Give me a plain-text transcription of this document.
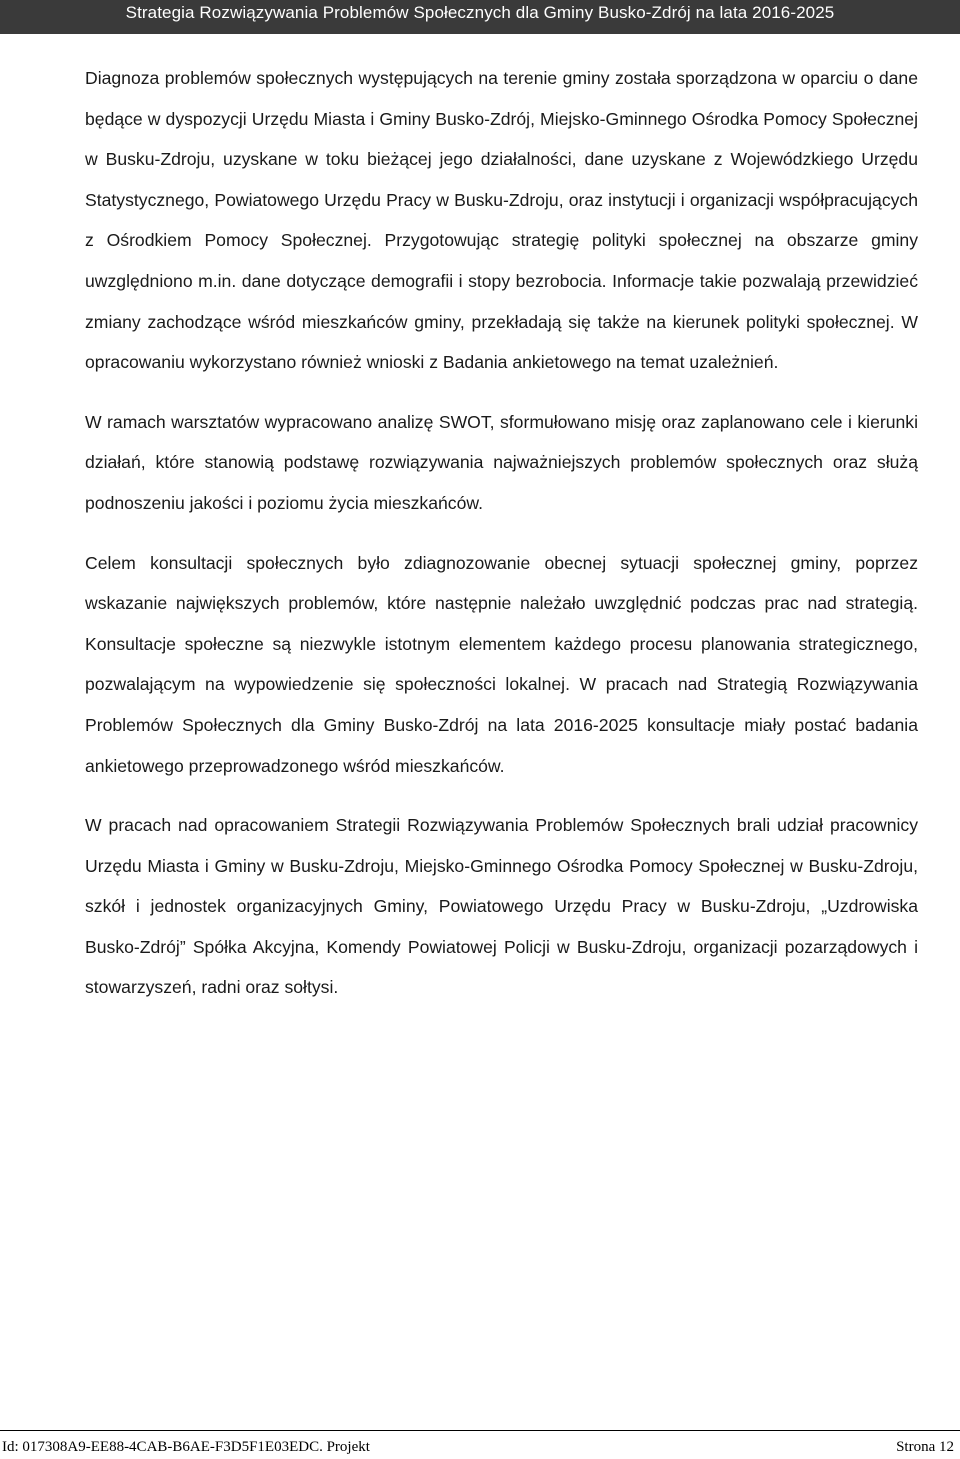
Strategia Rozwiązywania Problemów Społecznych dla Gminy Busko-Zdrój na lata 2016-2025

Diagnoza problemów społecznych występujących na terenie gminy została sporządzona w oparciu o dane będące w dyspozycji Urzędu Miasta i Gminy Busko-Zdrój, Miejsko-Gminnego Ośrodka Pomocy Społecznej w Busku-Zdroju, uzyskane w toku bieżącej jego działalności, dane uzyskane z Wojewódzkiego Urzędu Statystycznego, Powiatowego Urzędu Pracy w Busku-Zdroju, oraz instytucji i organizacji współpracujących z Ośrodkiem Pomocy Społecznej. Przygotowując strategię polityki społecznej na obszarze gminy uwzględniono m.in. dane dotyczące demografii i stopy bezrobocia. Informacje takie pozwalają przewidzieć zmiany zachodzące wśród mieszkańców gminy, przekładają się także na kierunek polityki społecznej. W opracowaniu wykorzystano również wnioski z Badania ankietowego na temat uzależnień.

W ramach warsztatów wypracowano analizę SWOT, sformułowano misję oraz zaplanowano cele i kierunki działań, które stanowią podstawę rozwiązywania najważniejszych problemów społecznych oraz służą podnoszeniu jakości i poziomu życia mieszkańców.

Celem konsultacji społecznych było zdiagnozowanie obecnej sytuacji społecznej gminy, poprzez wskazanie największych problemów, które następnie należało uwzględnić podczas prac nad strategią. Konsultacje społeczne są niezwykle istotnym elementem każdego procesu planowania strategicznego, pozwalającym na wypowiedzenie się społeczności lokalnej. W pracach nad Strategią Rozwiązywania Problemów Społecznych dla Gminy Busko-Zdrój na lata 2016-2025 konsultacje miały postać badania ankietowego przeprowadzonego wśród mieszkańców.

W pracach nad opracowaniem Strategii Rozwiązywania Problemów Społecznych brali udział pracownicy Urzędu Miasta i Gminy w Busku-Zdroju, Miejsko-Gminnego Ośrodka Pomocy Społecznej w Busku-Zdroju, szkół i jednostek organizacyjnych Gminy, Powiatowego Urzędu Pracy w Busku-Zdroju, „Uzdrowiska Busko-Zdrój” Spółka Akcyjna, Komendy Powiatowej Policji w Busku-Zdroju, organizacji pozarządowych i stowarzyszeń, radni oraz sołtysi.

Id: 017308A9-EE88-4CAB-B6AE-F3D5F1E03EDC. Projekt	Strona 12
